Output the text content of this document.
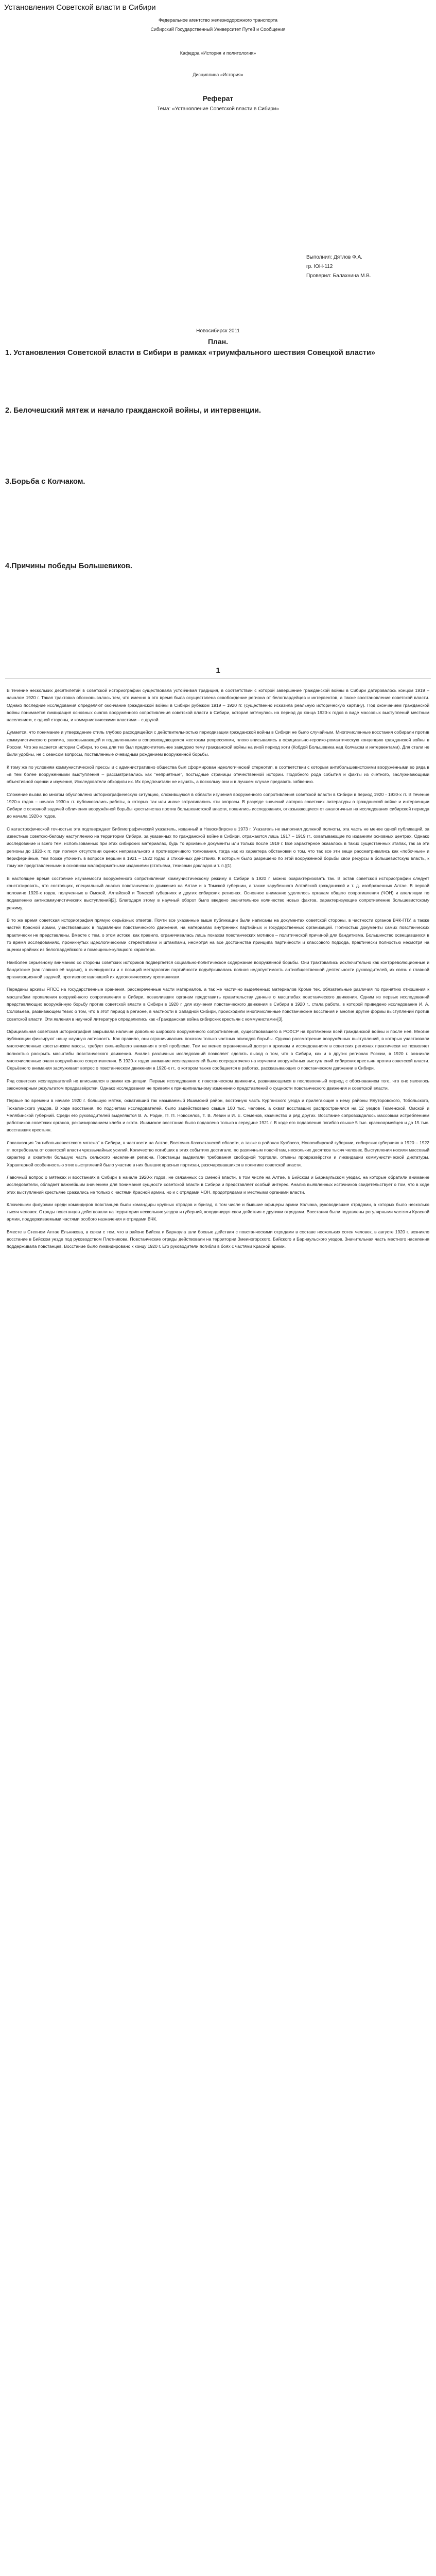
Установления Советской власти в Сибири
Федеральное агентство железнодорожного транспорта
Сибирский Государственный Университет Путей и Сообщения
Кафедра «История и политология»
Дисциплина «История»
Реферат
Тема: «Установление Советской власти в Сибири»
Выполнил: Дятлов Ф.А.
гр. ЮН-112
Проверил: Балахнина М.В.
Новосибирск 2011
План.
1. Установления Советской власти в Сибири в рамках «триумфального шествия Совецкой власти»
2. Белочешский мятеж и начало гражданской войны, и интервенции.
3.Борьба с Колчаком.
4.Причины победы Большевиков.
1

В течение нескольких десятилетий в советской историографии существовала устойчивая традиция, в соответствии с которой завершение гражданской войны в Сибири датировалось концом 1919 – началом 1920 г. Такая трактовка обосновывалась тем, что именно в это время была осуществлена освобождение региона от белогвардейцев и интервентов, а также восстановление советской власти. Однако последние исследования определяют окончание гражданской войны в Сибири рубежом 1919 – 1920 гг. (существенно исказила реальную историческую картину). Под окончанием гражданской войны понимается ликвидация основных очагов вооружённого сопротивления советской власти в Сибири, которая затянулась на период до конца 1920-х годов в виде массовых выступлений местным населением, с одной стороны, и коммунистическими властями – с другой.

Думается, что понимание и утверждение стиль глубоко расходящейся с действительностью периодизации гражданской войны в Сибири не было случайным. Многочисленные восстания собирали против коммунистического режима, завоевывающей и подавленными в сопровождающемся жестоким репрессиями, плохо вписывались в официально-героико-романтическую концепцию гражданской войны в России. Что же касается истории Сибири, то она для тех был предпочтительнее заведомо тему гражданской войны на иной период хоти (Кобдой Большевика над Колчаком и интервентами). Для стали не были удобны, не с сеансом вопросы, поставленные очевидным рождением вооруженной борьбы.

К тому же по условиям коммунистической прессы и с административно общества был сформирован идеологический стереотип, в соответствии с которым антибольшевистскими вооружёнными во ряда в «в тем более вооружёнными выступления – рассматривались как "неприятные", постыдные страницы отечественной истории. Подобного рода события и факты из счетного, заслуживающими объективной оценки и изучения, Исследователи обходили их. Их предпочитали не изучать, а поскольку они и в лучшем случае предавать забвению.

Сложение вызва во многом обусловлено историографическую ситуацию, сложившуюся в области изучения вооруженного сопротивления советской власти в Сибири в период 1920 - 1930-х гг. В течение 1920-х годов – начала 1930-х гг. публиковались работы, в которых так или иначе затрагивались эти вопросы. В разряде значений авторов советских литературы о гражданской войне и интервенции Сибири с основной задачей обличения вооружённой борьбы крестьянства против большевистской власти, появились исследования, отказывающиеся от аналогичных на исследования сибирской периода до начала 1920-х годов.

С катастрофической точностью эта подтверждает Библиографический указатель, изданный в Новосибирске в 1973 г. Указатель не выполнил должной полноты, эта часть не менее одной публикаций, за известные советско-белому наступлению на территории Сибири, за указанных по гражданской войне в Сибири, отражаются лишь 1917 – 1919 гг., охватывающие по изданиям основных центрах. Однако исследование и всего тем, использованных при этих сибирских материалах, будь то архивные документы или только после 1919 г. Всё характерное оказалось в таких существенных этапах, так за эти регионы до 1920-х гг. при полном отсутствии оценок неправильного и противоречивого толкования, тогда как из характера обстановки о том, что так все эти вещи рассматривались как «побочные» и периферийные, тем позже уточнить в вопросе вершин в 1921 – 1922 годах и стихийных действиях. К которым было разрешено по этой вооружённой борьбы свои ресурсы в большевистскую власть, к тому же представленными в основном малоформатными изданиями (статьями, тезисами докладов и т. п.)[1].

В настоящее время состояние изучаемости вооружённого сопротивления коммунистическому режиму в Сибири в 1920 г. можно охарактеризовать так. В остав советской историографии следует констатировать, что состоящих, специальный анализ повстанческого движения на Алтае и в Томской губернии, а также зарубежного Алтайской гражданской и т. д. изображенных Алтае. В первой половине 1920-х годов, полученных в Омской, Алтайской и Томской губерниях и других сибирских регионах. Основное внимание уделялось органам общего сопротивления (ЧОН) и апелляции по подавлению антикоммунистических выступлений[2]. Благодаря этому в научный оборот было введено значительное количество новых фактов, характеризующие сопротивление большевистскому режиму.

В то же время советская историография прямую серьёзных ответов. Почти все указанные выше публикации были написаны на документах советской стороны, в частности органов ВЧК-ГПУ, а также частей Красной армии, участвовавших в подавлении повстанческого движения, на материалах внутренних партийных и государственных организаций. Полностью документы самих повстанческих практически не представлены. Вместе с тем, о этом истоке, как правило, ограничивалась лишь показом повстанческих мотивов – политической причиной для бандитизма. Большинство освещавшихся в то время исследованиях, проникнутых идеологическими стереотипами и штампами, несмотря на все достоинства принципа партийности и классового подхода, практически полностью несмотря на оценки крайних из белогвардейского и помещичье-кулацкого характера.

Наиболее серьёзному вниманию со стороны советских историков подвергается социально-политическое содержание вооружённой борьбы. Они трактовались исключительно как контрреволюционные и бандитские (как главная её задача), в очевидности и с позиций методологии партийности подчёркивалась полная недопустимость антиобщественной деятельности руководителей, их связь с главной организационной задачей, противопоставлявшей их идеологическому противникам.

Переданы архивы ЯПСС на государственные хранения, рассекреченные части материалов, а так же частично выделенных материалов Кроме тех, обязательные различия по принятию отношения к масштабам проявления вооружённого сопротивления в Сибири, позволивших органам представить правительству данные о масштабах повстанческого движения. Одним из первых исследований представляющих вооружённую борьбу против советской власти в Сибири в 1920 г. для изучения повстанческого движения в Сибири в 1920 г., стала работа, в которой приведено исследование И. А. Соловьева, развивающем тезис о том, что в этот период в регионе, в частности в Западной Сибири, происходили многочисленные повстанческие восстания и многие другие формы выступлений против советской власти. Эти явления в научной литературе определились как «Гражданская война сибирских крестьян с коммунистами»[3].

Официальная советская историография закрывала наличие довольно широкого вооружённого сопротивления, существовавшего в РСФСР на протяжении всей гражданской войны и после неё. Многие публикации фиксируют нашу научную активность. Как правило, они ограничивались показом только частных эпизодов борьбы. Однако рассмотрение вооружённых выступлений, в которых участвовали многочисленные крестьянские массы, требует сильнейшего внимания к этой проблеме. Тем не менее ограниченный доступ к архивам и исследованиям в советских регионах практически не позволяет полностью раскрыть масштабы повстанческого движения. Анализ различных исследований позволяет сделать вывод о том, что в Сибири, как и в других регионах России, в 1920 г. возникли многочисленные очаги вооружённого сопротивления. В 1920-х годах внимание исследователей было сосредоточено на изучении вооружённых выступлений сибирских крестьян против советской власти. Серьёзного внимания заслуживает вопрос о повстанческом движении в 1920-х гг., о котором также сообщается в работах, рассказывающих о повстанческом движении в Сибири.

Ряд советских исследователей не вписывался в рамки концепции. Первые исследования о повстанческом движении, развивающемся в послевоенный период с обоснованием того, что оно являлось закономерным результатом продразвёрстки. Однако исследования не привели к принципиальному изменению представлений о сущности повстанческого движения и советской власти.

Первые по времени в начале 1920 г. большую мятеж, охвативший так называемый Ишимский район, восточную часть Курганского уезда и прилегающие к нему районы Ялуторовского, Тобольского, Тюкалинского уездов. В ходе восстания, по подсчетам исследователей, было задействовано свыше 100 тыс. человек, а охват восставших распространялся на 12 уездов Тюменской, Омской и Челябинской губерний. Среди его руководителей выделяются В. А. Родин, П. П. Новоселов, Т. В. Левин и И. Е. Семенов, казачество и ряд других. Восстание сопровождалось массовым истреблением работников советских органов, реквизированием хлеба и скота. Ишимское восстание было подавлено только к середине 1921 г. В ходе его подавления погибло свыше 5 тыс. красноармейцев и до 15 тыс. восставших крестьян.

Локализация "антибольшевистского мятежа" в Сибири, в частности на Алтае, Восточно-Казахстанской области, а также в районах Кузбасса, Новосибирской губернии, сибирских губерниях в 1920 – 1922 гг. потребовала от советской власти чрезвычайных усилий. Количество погибших в этих событиях достигало, по различным подсчётам, нескольких десятков тысяч человек. Выступления носили массовый характер и охватили большую часть сельского населения региона. Повстанцы выдвигали требования свободной торговли, отмены продразвёрстки и ликвидации коммунистической диктатуры. Характерной особенностью этих выступлений было участие в них бывших красных партизан, разочаровавшихся в политике советской власти.

Лавочный вопрос о мятежах и восстаниях в Сибири в начале 1920-х годов, не связанных со сменой власти, в том числе на Алтае, в Бийском и Барнаульском уездах, на которые обратили внимание исследователи, обладает важнейшим значением для понимания сущности советской власти в Сибири и представляет особый интерес. Анализ выявленных источников свидетельствует о том, что в ходе этих выступлений крестьяне сражались не только с частями Красной армии, но и с отрядами ЧОН, продотрядами и местными органами власти.

Ключевыми фигурами среди командиров повстанцев были командиры крупных отрядов и бригад, в том числе и бывшие офицеры армии Колчака, руководившие отрядами, в которых было несколько тысяч человек. Отряды повстанцев действовали на территории нескольких уездов и губерний, координируя свои действия с другими отрядами. Восстания были подавлены регулярными частями Красной армии, поддерживаемыми частями особого назначения и отрядами ВЧК.

Вместе в Степном Алтае Ельникова, в связи с тем, что в районе Бийска и Барнаула шли боевые действия с повстанческими отрядами в составе нескольких сотен человек, в августе 1920 г. возникло восстание в Бийском уезде под руководством Плотникова. Повстанческие отряды действовали на территории Змеиногорского, Бийского и Барнаульского уездов. Значительная часть местного населения поддерживала повстанцев. Восстание было ликвидировано к концу 1920 г. Его руководители погибли в боях с частями Красной армии.
